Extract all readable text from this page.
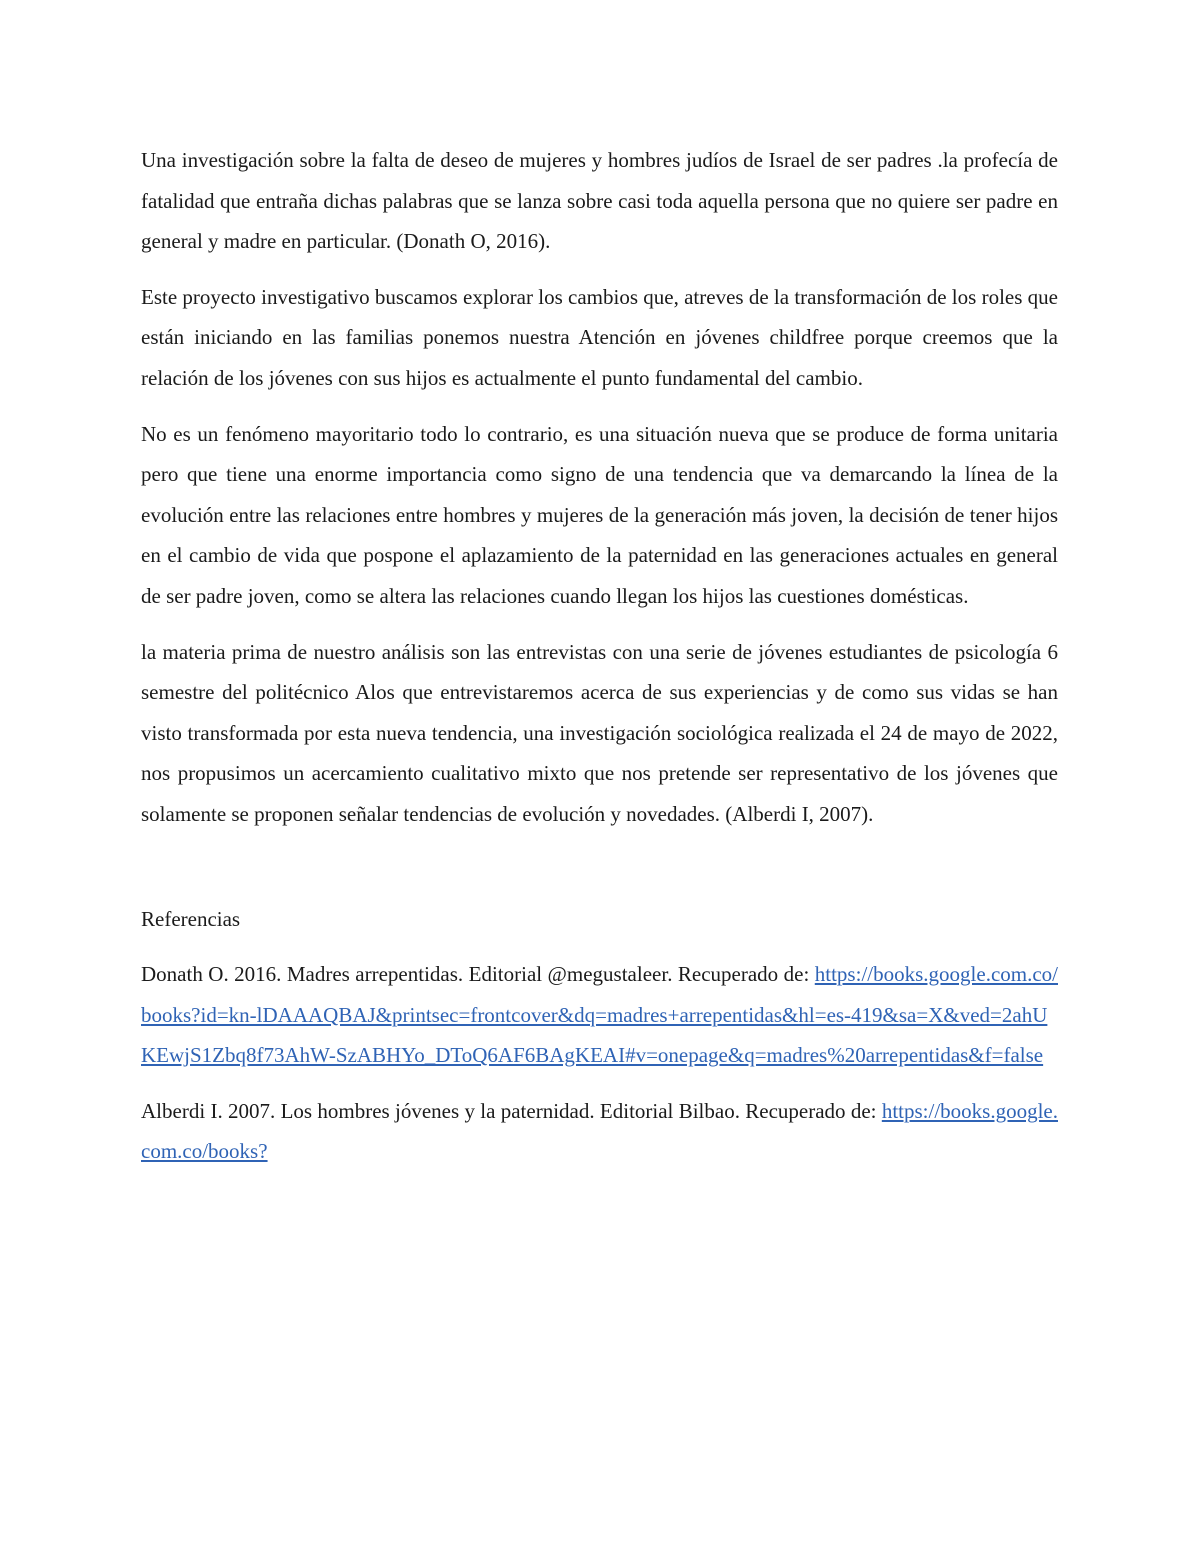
Una investigación sobre la falta de deseo de mujeres y hombres judíos de Israel de ser padres .la profecía de fatalidad que entraña dichas palabras que se lanza sobre casi toda aquella persona que no quiere ser padre en general y madre en particular. (Donath O, 2016).

Este proyecto investigativo buscamos explorar los cambios que, atreves de la transformación de los roles que están iniciando en las familias ponemos nuestra Atención en jóvenes childfree porque creemos que la relación de los jóvenes con sus hijos es actualmente el punto fundamental del cambio.

No es un fenómeno mayoritario todo lo contrario, es una situación nueva que se produce de forma unitaria pero que tiene una enorme importancia como signo de una tendencia que va demarcando la línea de la evolución entre las relaciones entre hombres y mujeres de la generación más joven, la decisión de tener hijos en el cambio de vida que pospone el aplazamiento de la paternidad en las generaciones actuales en general de ser padre joven, como se altera las relaciones cuando llegan los hijos las cuestiones domésticas.

la materia prima de nuestro análisis son las entrevistas con una serie de jóvenes estudiantes de psicología 6 semestre del politécnico Alos que entrevistaremos acerca de sus experiencias y de como sus vidas se han visto transformada por esta nueva tendencia, una investigación sociológica realizada el 24 de mayo de 2022, nos propusimos un acercamiento cualitativo mixto que nos pretende ser representativo de los jóvenes que solamente se proponen señalar tendencias de evolución y novedades. (Alberdi I, 2007).

Referencias

Donath O. 2016. Madres arrepentidas. Editorial @megustaleer. Recuperado de: https://books.google.com.co/books?id=kn-lDAAAQBAJ&printsec=frontcover&dq=madres+arrepentidas&hl=es-419&sa=X&ved=2ahUKEwjS1Zbq8f73AhW-SzABHYo_DToQ6AF6BAgKEAI#v=onepage&q=madres%20arrepentidas&f=false

Alberdi I. 2007. Los hombres jóvenes y la paternidad. Editorial Bilbao. Recuperado de: https://books.google.com.co/books?
